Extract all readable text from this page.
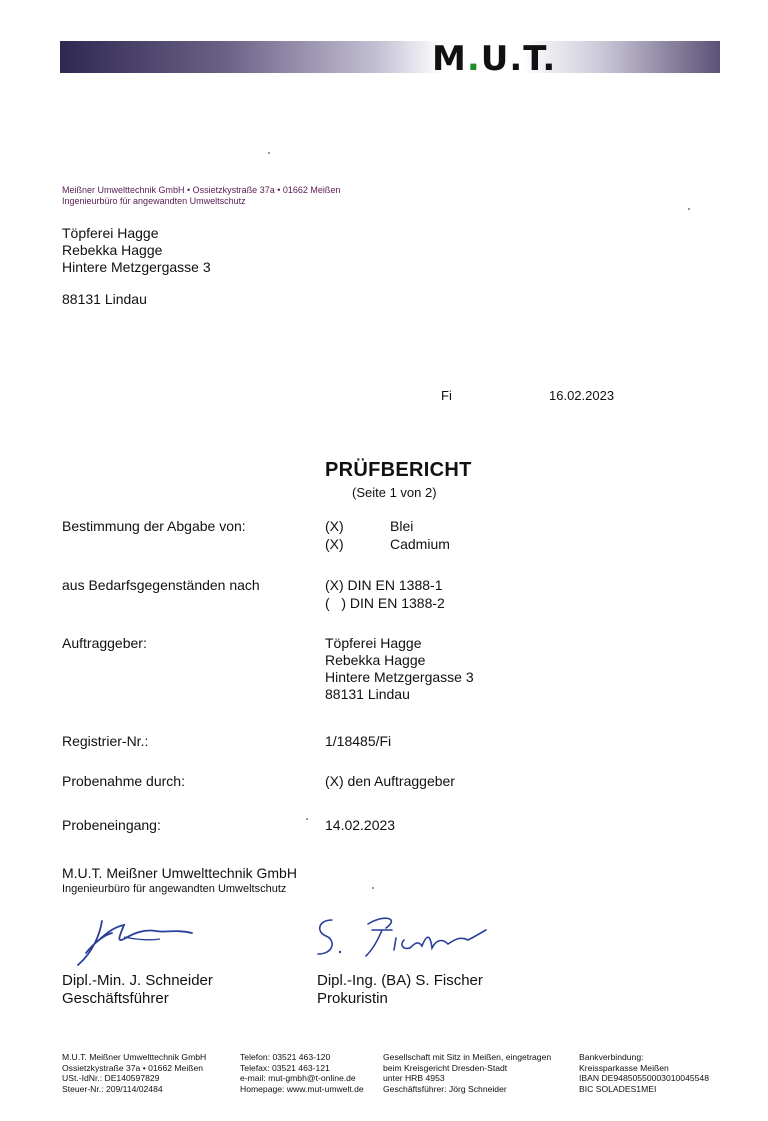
M.U.T.
Meißner Umwelttechnik GmbH • Ossietzkystraße 37a • 01662 Meißen
Ingenieurbüro für angewandten Umweltschutz
Töpferei Hagge
Rebekka Hagge
Hintere Metzgergasse 3
88131 Lindau
Fi	16.02.2023
PRÜFBERICHT
(Seite 1 von 2)
Bestimmung der Abgabe von:	(X)	Blei
(X)	Cadmium
aus Bedarfsgegenständen nach	(X) DIN EN 1388-1
(   ) DIN EN 1388-2
Auftraggeber:	Töpferei Hagge
Rebekka Hagge
Hintere Metzgergasse 3
88131 Lindau
Registrier-Nr.:	1/18485/Fi
Probenahme durch:	(X) den Auftraggeber
Probeneingang:	14.02.2023
M.U.T. Meißner Umwelttechnik GmbH
Ingenieurbüro für angewandten Umweltschutz
Dipl.-Min. J. Schneider
Geschäftsführer
Dipl.-Ing. (BA) S. Fischer
Prokuristin
M.U.T. Meißner Umwelttechnik GmbH
Ossietzkystraße 37a • 01662 Meißen
USt.-IdNr.: DE140597829
Steuer-Nr.: 209/114/02484
Telefon: 03521 463-120
Telefax: 03521 463-121
e-mail: mut-gmbh@t-online.de
Homepage: www.mut-umwelt.de
Gesellschaft mit Sitz in Meißen, eingetragen
beim Kreisgericht Dresden-Stadt
unter HRB 4953
Geschäftsführer: Jörg Schneider
Bankverbindung:
Kreissparkasse Meißen
IBAN DE94850550003010045548
BIC SOLADES1MEI
